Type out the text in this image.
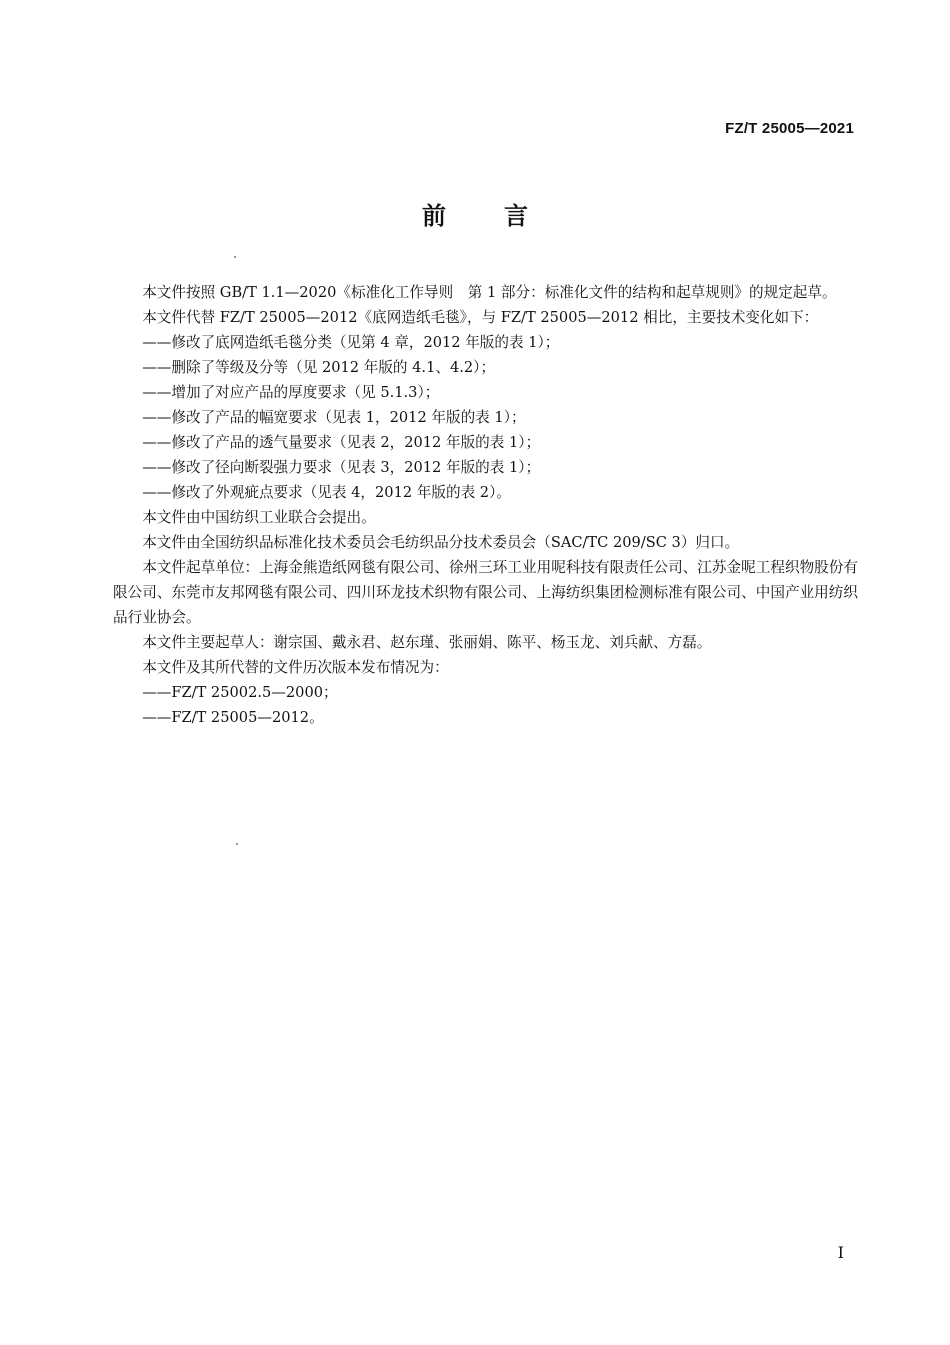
FZ/T 25005—2021
前 言

本文件按照 GB/T 1.1—2020《标准化工作导则　第 1 部分：标准化文件的结构和起草规则》的规定起草。

本文件代替 FZ/T 25005—2012《底网造纸毛毯》，与 FZ/T 25005—2012 相比，主要技术变化如下：

——修改了底网造纸毛毯分类（见第 4 章，2012 年版的表 1）；

——删除了等级及分等（见 2012 年版的 4.1、4.2）；

——增加了对应产品的厚度要求（见 5.1.3）；

——修改了产品的幅宽要求（见表 1，2012 年版的表 1）；

——修改了产品的透气量要求（见表 2，2012 年版的表 1）；

——修改了径向断裂强力要求（见表 3，2012 年版的表 1）；

——修改了外观疵点要求（见表 4，2012 年版的表 2）。

本文件由中国纺织工业联合会提出。

本文件由全国纺织品标准化技术委员会毛纺织品分技术委员会（SAC/TC 209/SC 3）归口。

本文件起草单位：上海金熊造纸网毯有限公司、徐州三环工业用呢科技有限责任公司、江苏金呢工程织物股份有限公司、东莞市友邦网毯有限公司、四川环龙技术织物有限公司、上海纺织集团检测标准有限公司、中国产业用纺织品行业协会。

本文件主要起草人：谢宗国、戴永君、赵东瑾、张丽娟、陈平、杨玉龙、刘兵献、方磊。

本文件及其所代替的文件历次版本发布情况为：

——FZ/T 25002.5—2000；

——FZ/T 25005—2012。

I
